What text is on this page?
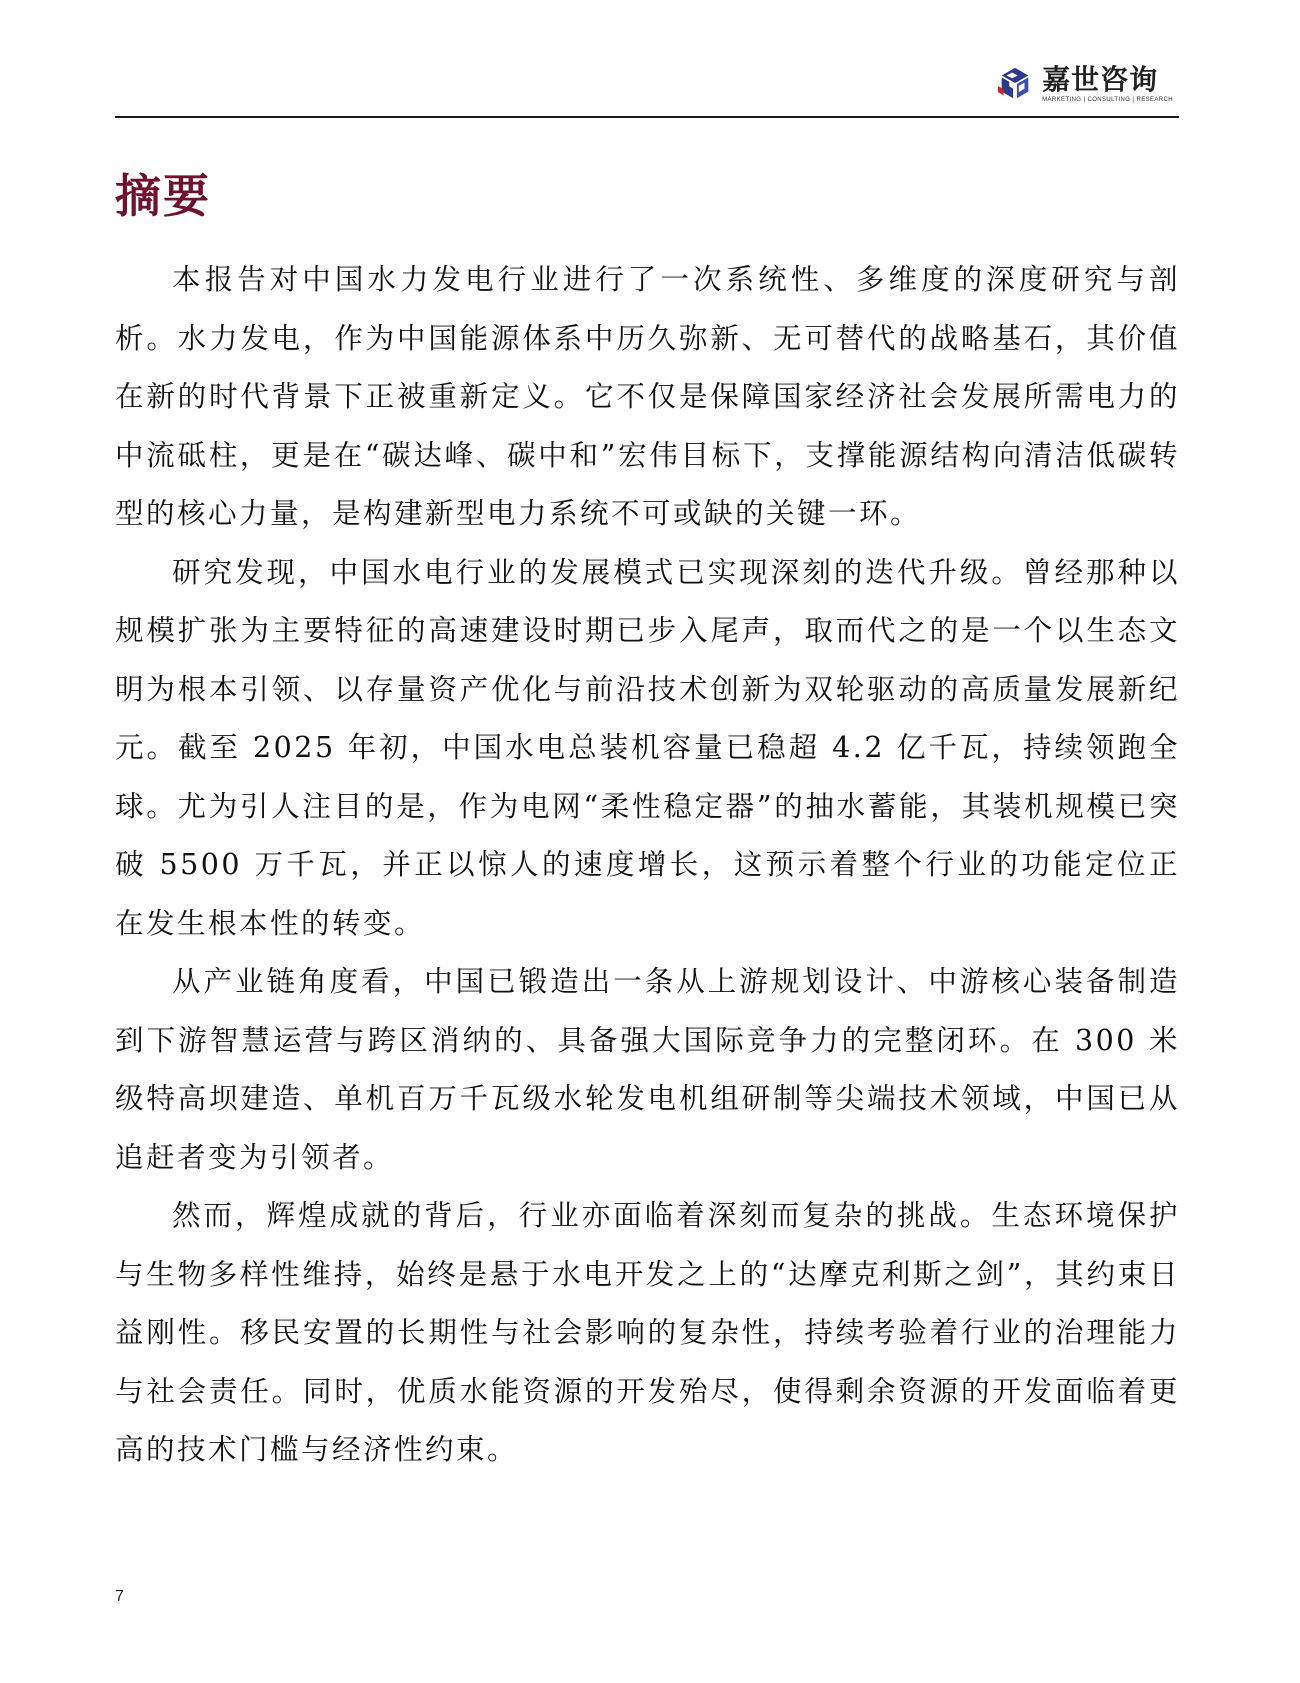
嘉世咨询
MARKETING | CONSULTING | RESEARCH
摘要

本报告对中国水力发电行业进行了一次系统性、多维度的深度研究与剖析。水力发电，作为中国能源体系中历久弥新、无可替代的战略基石，其价值在新的时代背景下正被重新定义。它不仅是保障国家经济社会发展所需电力的中流砥柱，更是在“碳达峰、碳中和”宏伟目标下，支撑能源结构向清洁低碳转型的核心力量，是构建新型电力系统不可或缺的关键一环。

研究发现，中国水电行业的发展模式已实现深刻的迭代升级。曾经那种以规模扩张为主要特征的高速建设时期已步入尾声，取而代之的是一个以生态文明为根本引领、以存量资产优化与前沿技术创新为双轮驱动的高质量发展新纪元。截至 2025 年初，中国水电总装机容量已稳超 4.2 亿千瓦，持续领跑全球。尤为引人注目的是，作为电网“柔性稳定器”的抽水蓄能，其装机规模已突破 5500 万千瓦，并正以惊人的速度增长，这预示着整个行业的功能定位正在发生根本性的转变。

从产业链角度看，中国已锻造出一条从上游规划设计、中游核心装备制造到下游智慧运营与跨区消纳的、具备强大国际竞争力的完整闭环。在 300 米级特高坝建造、单机百万千瓦级水轮发电机组研制等尖端技术领域，中国已从追赶者变为引领者。

然而，辉煌成就的背后，行业亦面临着深刻而复杂的挑战。生态环境保护与生物多样性维持，始终是悬于水电开发之上的“达摩克利斯之剑”，其约束日益刚性。移民安置的长期性与社会影响的复杂性，持续考验着行业的治理能力与社会责任。同时，优质水能资源的开发殆尽，使得剩余资源的开发面临着更高的技术门槛与经济性约束。

7
